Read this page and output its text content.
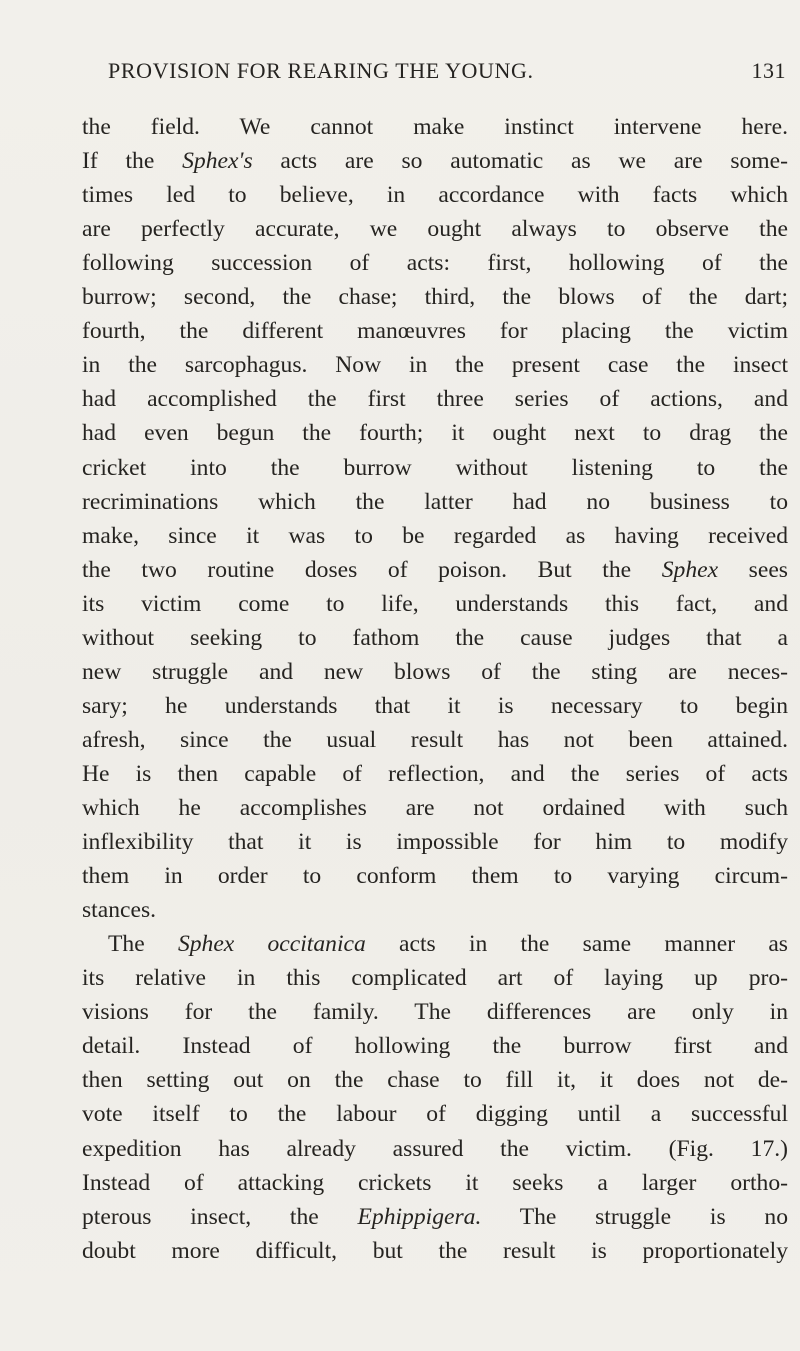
PROVISION FOR REARING THE YOUNG.	131
the field. We cannot make instinct intervene here.
If the Sphex's acts are so automatic as we are some-
times led to believe, in accordance with facts which
are perfectly accurate, we ought always to observe the
following succession of acts: first, hollowing of the
burrow; second, the chase; third, the blows of the dart;
fourth, the different manœuvres for placing the victim
in the sarcophagus. Now in the present case the insect
had accomplished the first three series of actions, and
had even begun the fourth; it ought next to drag the
cricket into the burrow without listening to the
recriminations which the latter had no business to
make, since it was to be regarded as having received
the two routine doses of poison. But the Sphex sees
its victim come to life, understands this fact, and
without seeking to fathom the cause judges that a
new struggle and new blows of the sting are neces-
sary; he understands that it is necessary to begin
afresh, since the usual result has not been attained.
He is then capable of reflection, and the series of acts
which he accomplishes are not ordained with such
inflexibility that it is impossible for him to modify
them in order to conform them to varying circum-
stances.
The Sphex occitanica acts in the same manner as
its relative in this complicated art of laying up pro-
visions for the family. The differences are only in
detail. Instead of hollowing the burrow first and
then setting out on the chase to fill it, it does not de-
vote itself to the labour of digging until a successful
expedition has already assured the victim. (Fig. 17.)
Instead of attacking crickets it seeks a larger ortho-
pterous insect, the Ephippigera. The struggle is no
doubt more difficult, but the result is proportionately
